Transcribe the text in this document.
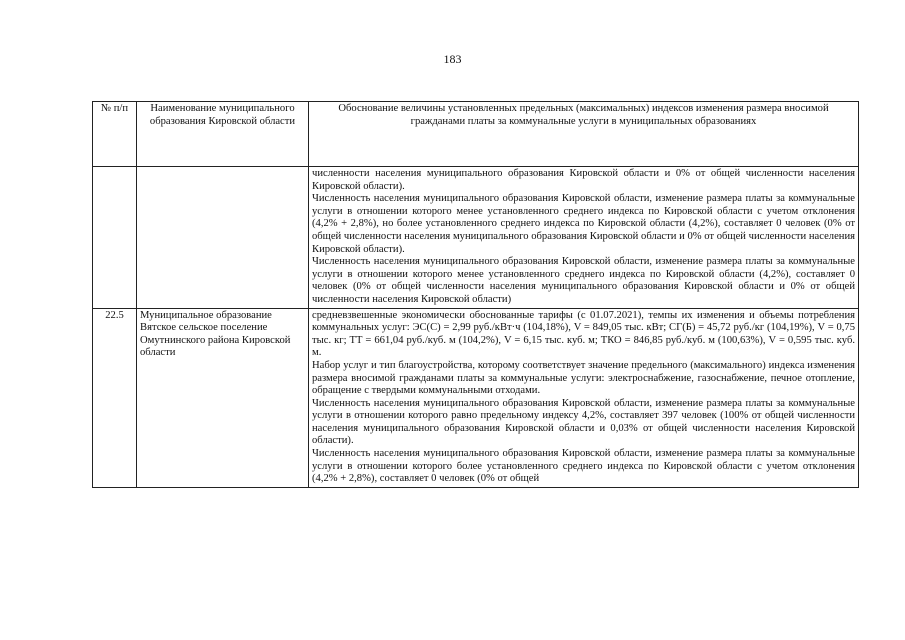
183
№ п/п	Наименование муниципального образования Кировской области	Обоснование величины установленных предельных (максимальных) индексов изменения размера вносимой гражданами платы за коммунальные услуги в муниципальных образованиях

		численности населения муниципального образования Кировской области и 0% от общей численности населения Кировской области).
Численность населения муниципального образования Кировской области, изменение размера платы за коммунальные услуги в отношении которого менее установленного среднего индекса по Кировской области с учетом отклонения (4,2% + 2,8%), но более установленного среднего индекса по Кировской области (4,2%), составляет 0 человек (0% от общей численности населения муниципального образования Кировской области и 0% от общей численности населения Кировской области).
Численность населения муниципального образования Кировской области, изменение размера платы за коммунальные услуги в отношении которого менее установленного среднего индекса по Кировской области (4,2%), составляет 0 человек (0% от общей численности населения муниципального образования Кировской области и 0% от общей численности населения Кировской области)

22.5	Муниципальное образование Вятское сельское поселение Омутнинского района Кировской области	средневзвешенные экономически обоснованные тарифы (с 01.07.2021), темпы их изменения и объемы потребления коммунальных услуг: ЭС(С) = 2,99 руб./кВт·ч (104,18%), V = 849,05 тыс. кВт; СГ(Б) = 45,72 руб./кг (104,19%), V = 0,75 тыс. кг; ТТ = 661,04 руб./куб. м (104,2%), V = 6,15 тыс. куб. м; ТКО = 846,85 руб./куб. м (100,63%), V = 0,595 тыс. куб. м.
Набор услуг и тип благоустройства, которому соответствует значение предельного (максимального) индекса изменения размера вносимой гражданами платы за коммунальные услуги: электроснабжение, газоснабжение, печное отопление, обращение с твердыми коммунальными отходами.
Численность населения муниципального образования Кировской области, изменение размера платы за коммунальные услуги в отношении которого равно предельному индексу 4,2%, составляет 397 человек (100% от общей численности населения муниципального образования Кировской области и 0,03% от общей численности населения Кировской области).
Численность населения муниципального образования Кировской области, изменение размера платы за коммунальные услуги в отношении которого более установленного среднего индекса по Кировской области с учетом отклонения (4,2% + 2,8%), составляет 0 человек (0% от общей
